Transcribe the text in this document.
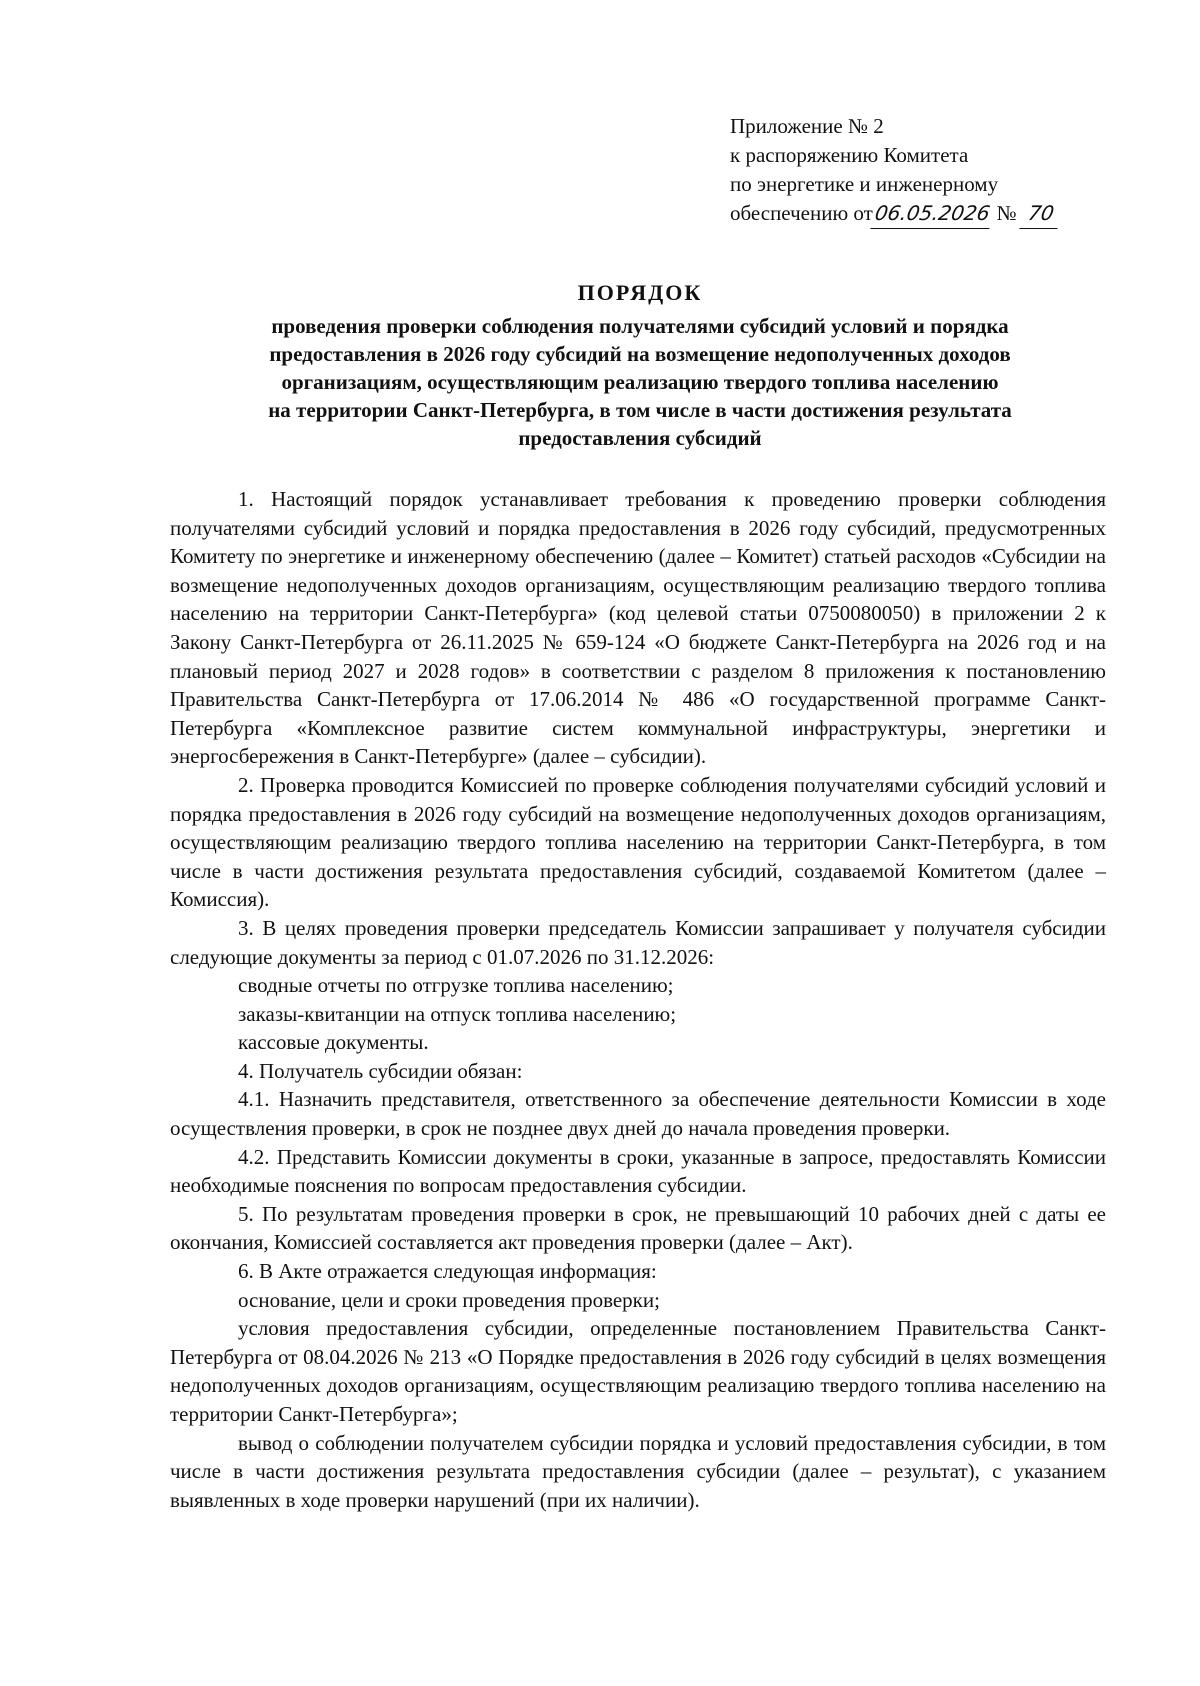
Приложение № 2
к распоряжению Комитета
по энергетике и инженерному
обеспечению от06.05.2026 № 70
ПОРЯДОК
проведения проверки соблюдения получателями субсидий условий и порядка
предоставления в 2026 году субсидий на возмещение недополученных доходов
организациям, осуществляющим реализацию твердого топлива населению
на территории Санкт-Петербурга, в том числе в части достижения результата
предоставления субсидий

1. Настоящий порядок устанавливает требования к проведению проверки соблюдения получателями субсидий условий и порядка предоставления в 2026 году субсидий, предусмотренных Комитету по энергетике и инженерному обеспечению (далее – Комитет) статьей расходов «Субсидии на возмещение недополученных доходов организациям, осуществляющим реализацию твердого топлива населению на территории Санкт-Петербурга» (код целевой статьи 0750080050) в приложении 2 к Закону Санкт-Петербурга от 26.11.2025 № 659-124 «О бюджете Санкт-Петербурга на 2026 год и на плановый период 2027 и 2028 годов» в соответствии с разделом 8 приложения к постановлению Правительства Санкт-Петербурга от 17.06.2014 № 486 «О государственной программе Санкт-Петербурга «Комплексное развитие систем коммунальной инфраструктуры, энергетики и энергосбережения в Санкт-Петербурге» (далее – субсидии).

2. Проверка проводится Комиссией по проверке соблюдения получателями субсидий условий и порядка предоставления в 2026 году субсидий на возмещение недополученных доходов организациям, осуществляющим реализацию твердого топлива населению на территории Санкт-Петербурга, в том числе в части достижения результата предоставления субсидий, создаваемой Комитетом (далее – Комиссия).

3. В целях проведения проверки председатель Комиссии запрашивает у получателя субсидии следующие документы за период с 01.07.2026 по 31.12.2026:

сводные отчеты по отгрузке топлива населению;

заказы-квитанции на отпуск топлива населению;

кассовые документы.

4. Получатель субсидии обязан:

4.1. Назначить представителя, ответственного за обеспечение деятельности Комиссии в ходе осуществления проверки, в срок не позднее двух дней до начала проведения проверки.

4.2. Представить Комиссии документы в сроки, указанные в запросе, предоставлять Комиссии необходимые пояснения по вопросам предоставления субсидии.

5. По результатам проведения проверки в срок, не превышающий 10 рабочих дней с даты ее окончания, Комиссией составляется акт проведения проверки (далее – Акт).

6. В Акте отражается следующая информация:

основание, цели и сроки проведения проверки;

условия предоставления субсидии, определенные постановлением Правительства Санкт-Петербурга от 08.04.2026 № 213 «О Порядке предоставления в 2026 году субсидий в целях возмещения недополученных доходов организациям, осуществляющим реализацию твердого топлива населению на территории Санкт-Петербурга»;

вывод о соблюдении получателем субсидии порядка и условий предоставления субсидии, в том числе в части достижения результата предоставления субсидии (далее – результат), с указанием выявленных в ходе проверки нарушений (при их наличии).
